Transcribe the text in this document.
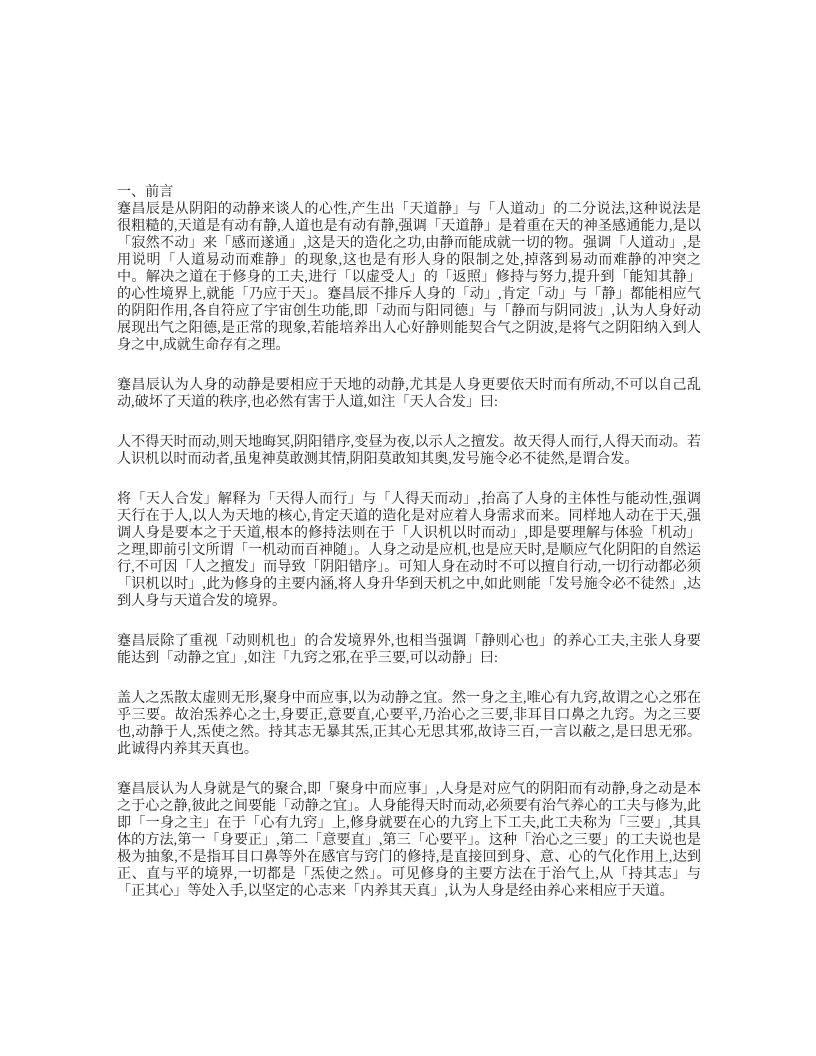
一、前言

蹇昌辰是从阴阳的动静来谈人的心性,产生出「天道静」与「人道动」的二分说法,这种说法是很粗糙的,天道是有动有静,人道也是有动有静,强调「天道静」是着重在天的神圣感通能力,是以「寂然不动」来「感而遂通」,这是天的造化之功,由静而能成就一切的物。强调「人道动」,是用说明「人道易动而难静」的现象,这也是有形人身的限制之处,掉落到易动而难静的冲突之中。解决之道在于修身的工夫,进行「以虚受人」的「返照」修持与努力,提升到「能知其静」的心性境界上,就能「乃应于天」。蹇昌辰不排斥人身的「动」,肯定「动」与「静」都能相应气的阴阳作用,各自符应了宇宙创生功能,即「动而与阳同德」与「静而与阴同波」,认为人身好动展现出气之阳德,是正常的现象,若能培养出人心好静则能契合气之阴波,是将气之阴阳纳入到人身之中,成就生命存有之理。

蹇昌辰认为人身的动静是要相应于天地的动静,尤其是人身更要依天时而有所动,不可以自己乱动,破坏了天道的秩序,也必然有害于人道,如注「天人合发」曰:

人不得天时而动,则天地晦冥,阴阳错序,变昼为夜,以示人之擅发。故天得人而行,人得天而动。若人识机以时而动者,虽鬼神莫敢测其情,阴阳莫敢知其奥,发号施令必不徒然,是谓合发。

将「天人合发」解释为「天得人而行」与「人得天而动」,抬高了人身的主体性与能动性,强调天行在于人,以人为天地的核心,肯定天道的造化是对应着人身需求而来。同样地人动在于天,强调人身是要本之于天道,根本的修持法则在于「人识机以时而动」,即是要理解与体验「机动」之理,即前引文所谓「一机动而百神随」。人身之动是应机,也是应天时,是顺应气化阴阳的自然运行,不可因「人之擅发」而导致「阴阳错序」。可知人身在动时不可以擅自行动,一切行动都必须「识机以时」,此为修身的主要内涵,将人身升华到天机之中,如此则能「发号施令必不徒然」,达到人身与天道合发的境界。

蹇昌辰除了重视「动则机也」的合发境界外,也相当强调「静则心也」的养心工夫,主张人身要能达到「动静之宜」,如注「九窍之邪,在乎三要,可以动静」曰:

盖人之炁散太虚则无形,聚身中而应事,以为动静之宜。然一身之主,唯心有九窍,故谓之心之邪在乎三要。故治炁养心之士,身要正,意要直,心要平,乃治心之三要,非耳目口鼻之九窍。为之三要也,动静于人,炁使之然。持其志无暴其炁,正其心无思其邪,故诗三百,一言以蔽之,是曰思无邪。此诚得内养其天真也。

蹇昌辰认为人身就是气的聚合,即「聚身中而应事」,人身是对应气的阴阳而有动静,身之动是本之于心之静,彼此之间要能「动静之宜」。人身能得天时而动,必须要有治气养心的工夫与修为,此即「一身之主」在于「心有九窍」上,修身就要在心的九窍上下工夫,此工夫称为「三要」,其具体的方法,第一「身要正」,第二「意要直」,第三「心要平」。这种「治心之三要」的工夫说也是极为抽象,不是指耳目口鼻等外在感官与窍门的修持,是直接回到身、意、心的气化作用上,达到正、直与平的境界,一切都是「炁使之然」。可见修身的主要方法在于治气上,从「持其志」与「正其心」等处入手,以坚定的心志来「内养其天真」,认为人身是经由养心来相应于天道。
